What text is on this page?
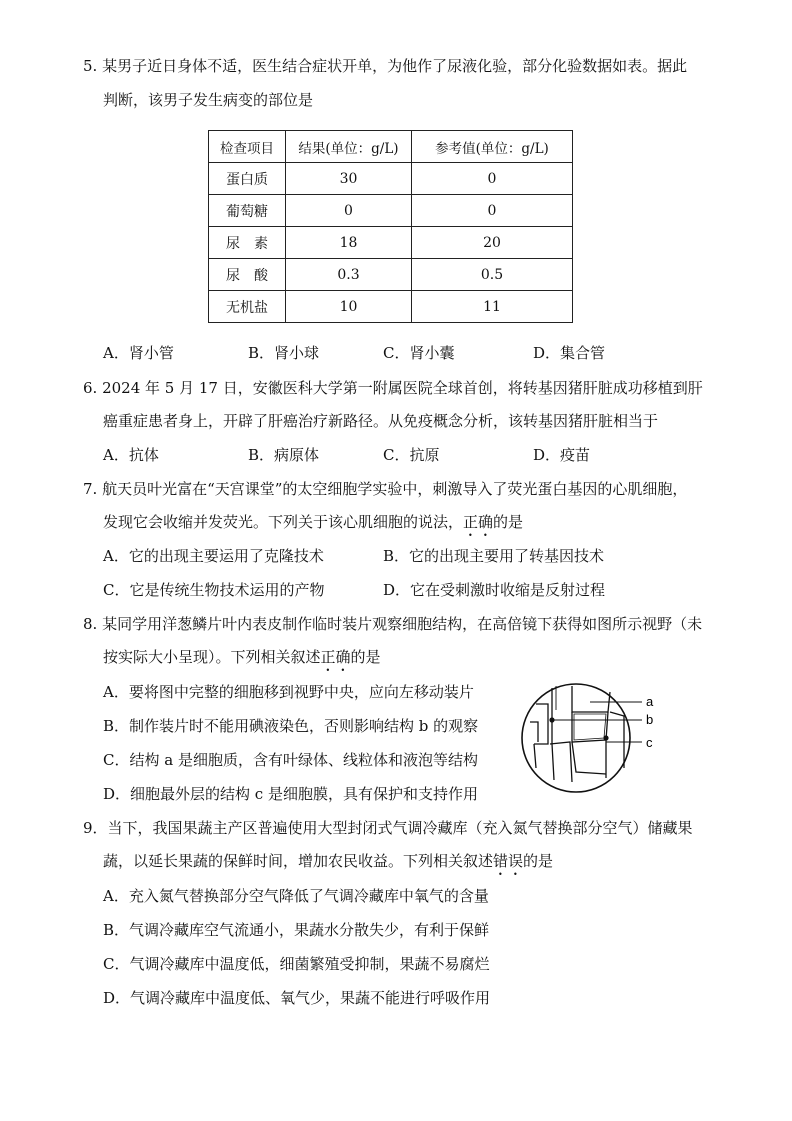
5. 某男子近日身体不适，医生结合症状开单，为他作了尿液化验，部分化验数据如表。据此
判断，该男子发生病变的部位是
检查项目	结果(单位：g/L)	参考值(单位：g/L)
蛋白质	30	0
葡萄糖	0	0
尿　素	18	20
尿　酸	0.3	0.5
无机盐	10	11
A．肾小管	B．肾小球	C．肾小囊	D．集合管
6. 2024 年 5 月 17 日，安徽医科大学第一附属医院全球首创，将转基因猪肝脏成功移植到肝
癌重症患者身上，开辟了肝癌治疗新路径。从免疫概念分析，该转基因猪肝脏相当于
A．抗体	B．病原体	C．抗原	D．疫苗
7. 航天员叶光富在“天宫课堂”的太空细胞学实验中，刺激导入了荧光蛋白基因的心肌细胞，
发现它会收缩并发荧光。下列关于该心肌细胞的说法，正确的是
A．它的出现主要运用了克隆技术	B．它的出现主要用了转基因技术
C．它是传统生物技术运用的产物	D．它在受刺激时收缩是反射过程
8. 某同学用洋葱鳞片叶内表皮制作临时装片观察细胞结构，在高倍镜下获得如图所示视野（未
按实际大小呈现）。下列相关叙述正确的是
A．要将图中完整的细胞移到视野中央，应向左移动装片
B．制作装片时不能用碘液染色，否则影响结构 b 的观察
C．结构 a 是细胞质，含有叶绿体、线粒体和液泡等结构
D．细胞最外层的结构 c 是细胞膜，具有保护和支持作用
a
b
c
9．当下，我国果蔬主产区普遍使用大型封闭式气调冷藏库（充入氮气替换部分空气）储藏果
蔬，以延长果蔬的保鲜时间，增加农民收益。下列相关叙述错误的是
A．充入氮气替换部分空气降低了气调冷藏库中氧气的含量
B．气调冷藏库空气流通小，果蔬水分散失少，有利于保鲜
C．气调冷藏库中温度低，细菌繁殖受抑制，果蔬不易腐烂
D．气调冷藏库中温度低、氧气少，果蔬不能进行呼吸作用
